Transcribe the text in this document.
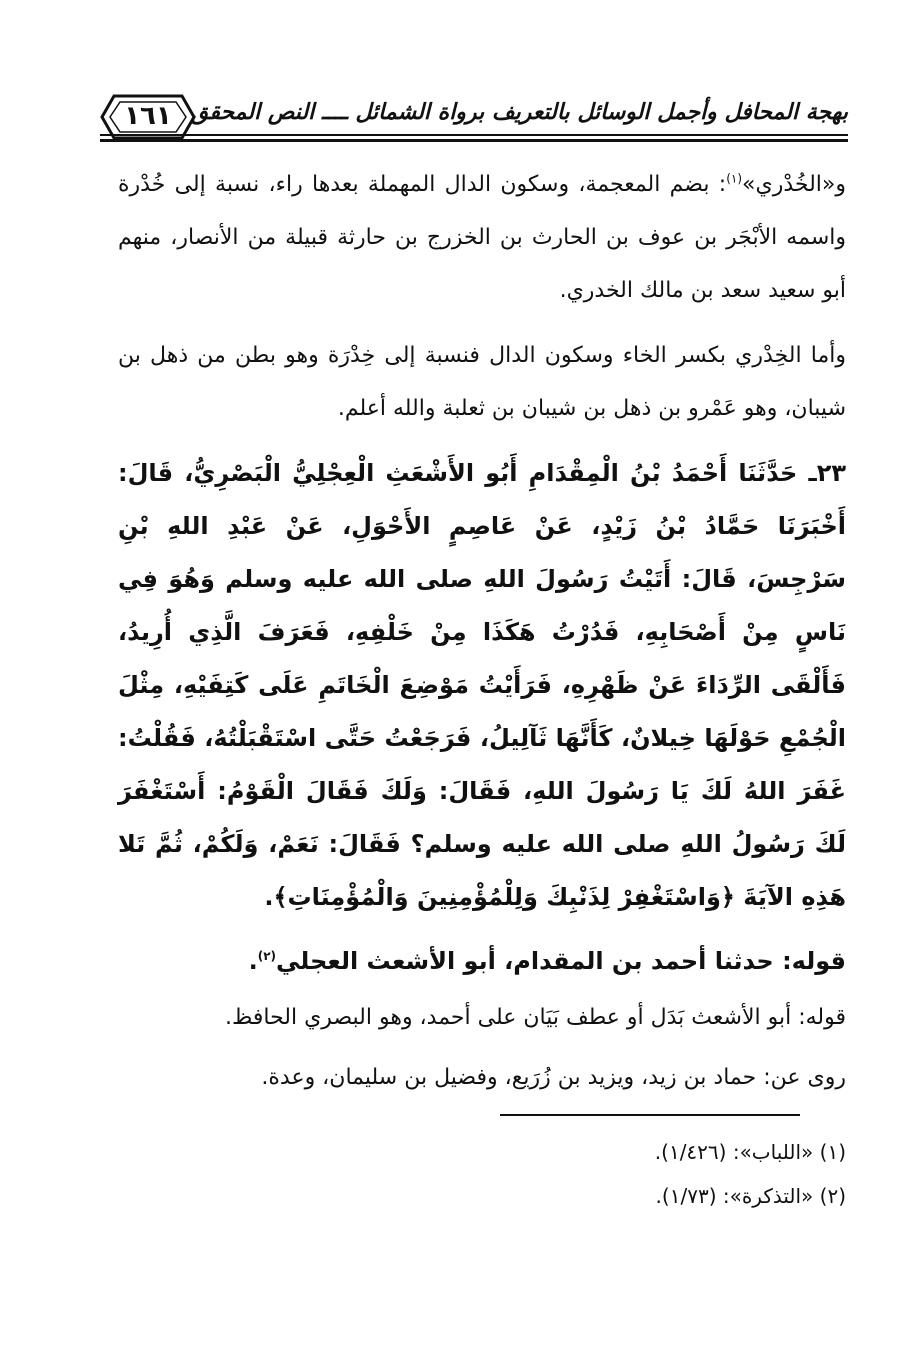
١٦١ بهجة المحافل وأجمل الوسائل بالتعريف برواة الشمائل ــــ النص المحقق

و«الخُدْري»$^{(١)}$: بضم المعجمة، وسكون الدال المهملة بعدها راء، نسبة إلى خُدْرة واسمه الأبْجَر بن عوف بن الحارث بن الخزرج بن حارثة قبيلة من الأنصار، منهم أبو سعيد سعد بن مالك الخدري.

وأما الخِدْري بكسر الخاء وسكون الدال فنسبة إلى خِدْرَة وهو بطن من ذهل بن شيبان، وهو عَمْرو بن ذهل بن شيبان بن ثعلبة والله أعلم.

٢٣ـ حَدَّثَنَا أَحْمَدُ بْنُ الْمِقْدَامِ أَبُو الأَشْعَثِ الْعِجْلِيُّ الْبَصْرِيُّ، قَالَ: أَخْبَرَنَا حَمَّادُ بْنُ زَيْدٍ، عَنْ عَاصِمٍ الأَحْوَلِ، عَنْ عَبْدِ اللهِ بْنِ سَرْجِسَ، قَالَ: أَتَيْتُ رَسُولَ اللهِ صلى الله عليه وسلم وَهُوَ فِي نَاسٍ مِنْ أَصْحَابِهِ، فَدُرْتُ هَكَذَا مِنْ خَلْفِهِ، فَعَرَفَ الَّذِي أُرِيدُ، فَأَلْقَى الرِّدَاءَ عَنْ ظَهْرِهِ، فَرَأَيْتُ مَوْضِعَ الْخَاتَمِ عَلَى كَتِفَيْهِ، مِثْلَ الْجُمْعِ حَوْلَهَا خِيلانٌ، كَأَنَّهَا ثَآلِيلُ، فَرَجَعْتُ حَتَّى اسْتَقْبَلْتُهُ، فَقُلْتُ: غَفَرَ اللهُ لَكَ يَا رَسُولَ اللهِ، فَقَالَ: وَلَكَ فَقَالَ الْقَوْمُ: أَسْتَغْفَرَ لَكَ رَسُولُ اللهِ صلى الله عليه وسلم؟ فَقَالَ: نَعَمْ، وَلَكُمْ، ثُمَّ تَلا هَذِهِ الآيَةَ ﴿وَاسْتَغْفِرْ لِذَنْبِكَ وَلِلْمُؤْمِنِينَ وَالْمُؤْمِنَاتِ﴾.

قوله: حدثنا أحمد بن المقدام، أبو الأشعث العجلي$^{(٢)}$.

قوله: أبو الأشعث بَدَل أو عطف بَيَان على أحمد، وهو البصري الحافظ.

روى عن: حماد بن زيد، ويزيد بن زُرَيع، وفضيل بن سليمان، وعدة.

(١) «اللباب»: (١/٤٢٦).

(٢) «التذكرة»: (١/٧٣).
